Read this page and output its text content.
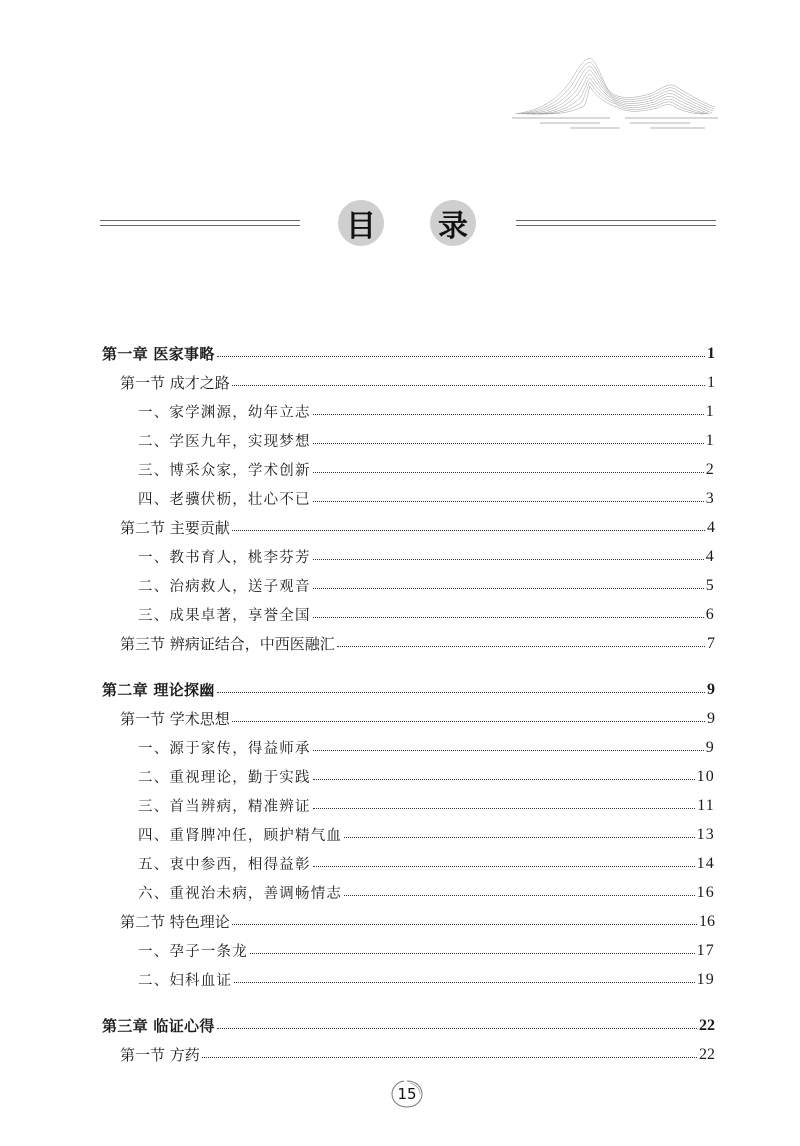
目 录
第一章 医家事略	1
第一节 成才之路	1
一、家学渊源，幼年立志	1
二、学医九年，实现梦想	1
三、博采众家，学术创新	2
四、老骥伏枥，壮心不已	3
第二节 主要贡献	4
一、教书育人，桃李芬芳	4
二、治病救人，送子观音	5
三、成果卓著，享誉全国	6
第三节 辨病证结合，中西医融汇	7
第二章 理论探幽	9
第一节 学术思想	9
一、源于家传，得益师承	9
二、重视理论，勤于实践	10
三、首当辨病，精准辨证	11
四、重肾脾冲任，顾护精气血	13
五、衷中参西，相得益彰	14
六、重视治未病，善调畅情志	16
第二节 特色理论	16
一、孕子一条龙	17
二、妇科血证	19
第三章 临证心得	22
第一节 方药	22
15
